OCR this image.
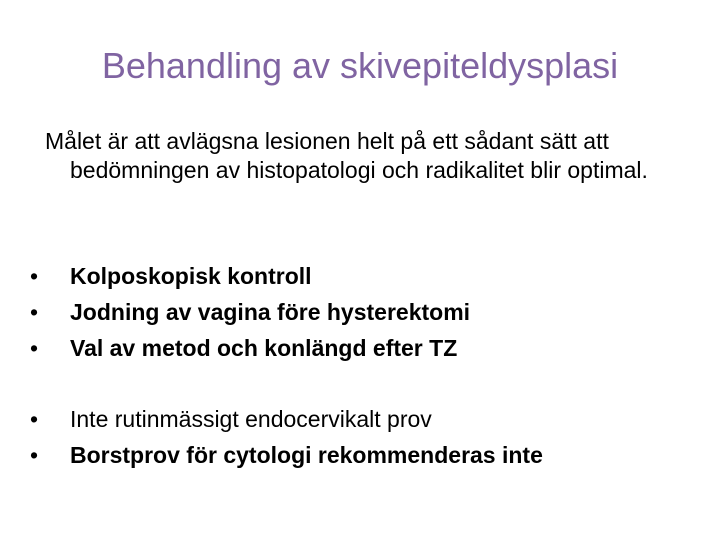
Behandling av skivepiteldysplasi
Målet är att avlägsna lesionen helt på ett sådant sätt att bedömningen av histopatologi och radikalitet blir optimal.
•	Kolposkopisk kontroll
•	Jodning av vagina före hysterektomi
•	Val av metod och konlängd efter TZ
•	Inte rutinmässigt endocervikalt prov
•	Borstprov för cytologi rekommenderas inte
